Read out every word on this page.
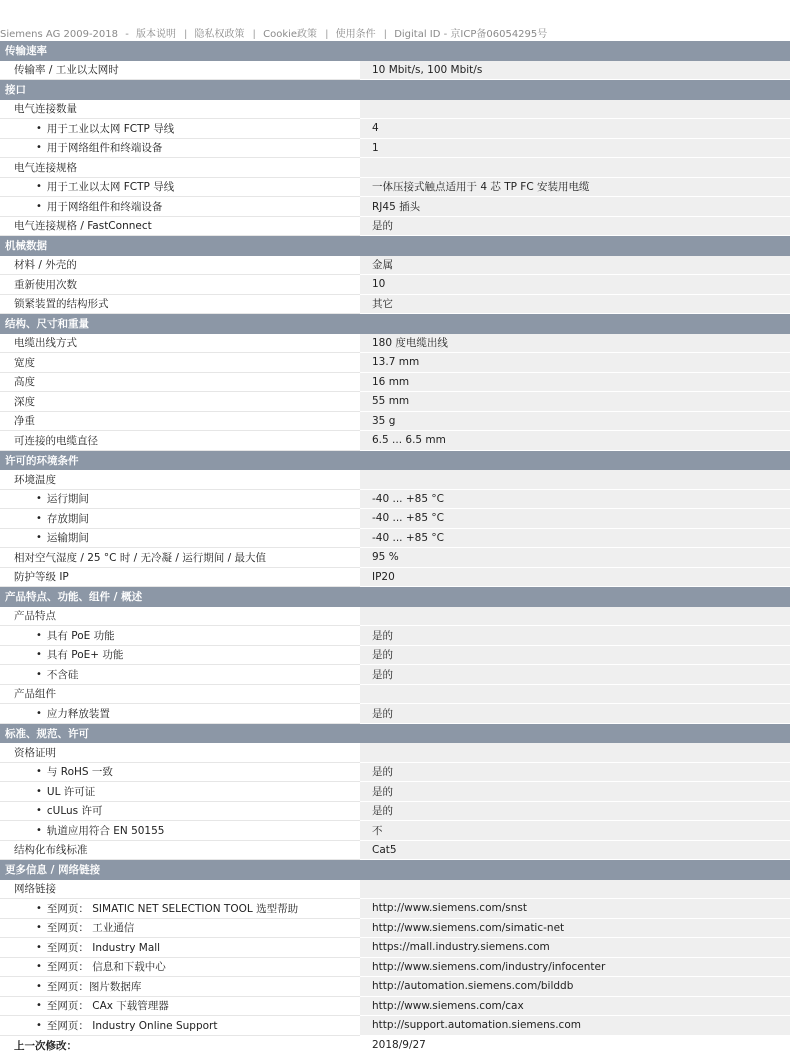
Siemens AG 2009-2018 - 版本说明 | 隐私权政策 | Cookie政策 | 使用条件 | Digital ID - 京ICP备06054295号
传输速率
传输率 / 工业以太网时	10 Mbit/s, 100 Mbit/s
接口
电气连接数量
• 用于工业以太网 FCTP 导线	4
• 用于网络组件和终端设备	1
电气连接规格
• 用于工业以太网 FCTP 导线	一体压接式触点适用于 4 芯 TP FC 安装用电缆
• 用于网络组件和终端设备	RJ45 插头
电气连接规格 / FastConnect	是的
机械数据
材料 / 外壳的	金属
重新使用次数	10
锁紧装置的结构形式	其它
结构、尺寸和重量
电缆出线方式	180 度电缆出线
宽度	13.7 mm
高度	16 mm
深度	55 mm
净重	35 g
可连接的电缆直径	6.5 ... 6.5 mm
许可的环境条件
环境温度
• 运行期间	-40 ... +85 °C
• 存放期间	-40 ... +85 °C
• 运输期间	-40 ... +85 °C
相对空气湿度 / 25 °C 时 / 无冷凝 / 运行期间 / 最大值	95 %
防护等级 IP	IP20
产品特点、功能、组件 / 概述
产品特点
• 具有 PoE 功能	是的
• 具有 PoE+ 功能	是的
• 不含硅	是的
产品组件
• 应力释放装置	是的
标准、规范、许可
资格证明
• 与 RoHS 一致	是的
• UL 许可证	是的
• cULus 许可	是的
• 轨道应用符合 EN 50155	不
结构化布线标准	Cat5
更多信息 / 网络链接
网络链接
• 至网页： SIMATIC NET SELECTION TOOL 选型帮助	http://www.siemens.com/snst
• 至网页： 工业通信	http://www.siemens.com/simatic-net
• 至网页： Industry Mall	https://mall.industry.siemens.com
• 至网页： 信息和下载中心	http://www.siemens.com/industry/infocenter
• 至网页：图片数据库	http://automation.siemens.com/bilddb
• 至网页： CAx 下载管理器	http://www.siemens.com/cax
• 至网页： Industry Online Support	http://support.automation.siemens.com
上一次修改：	2018/9/27
